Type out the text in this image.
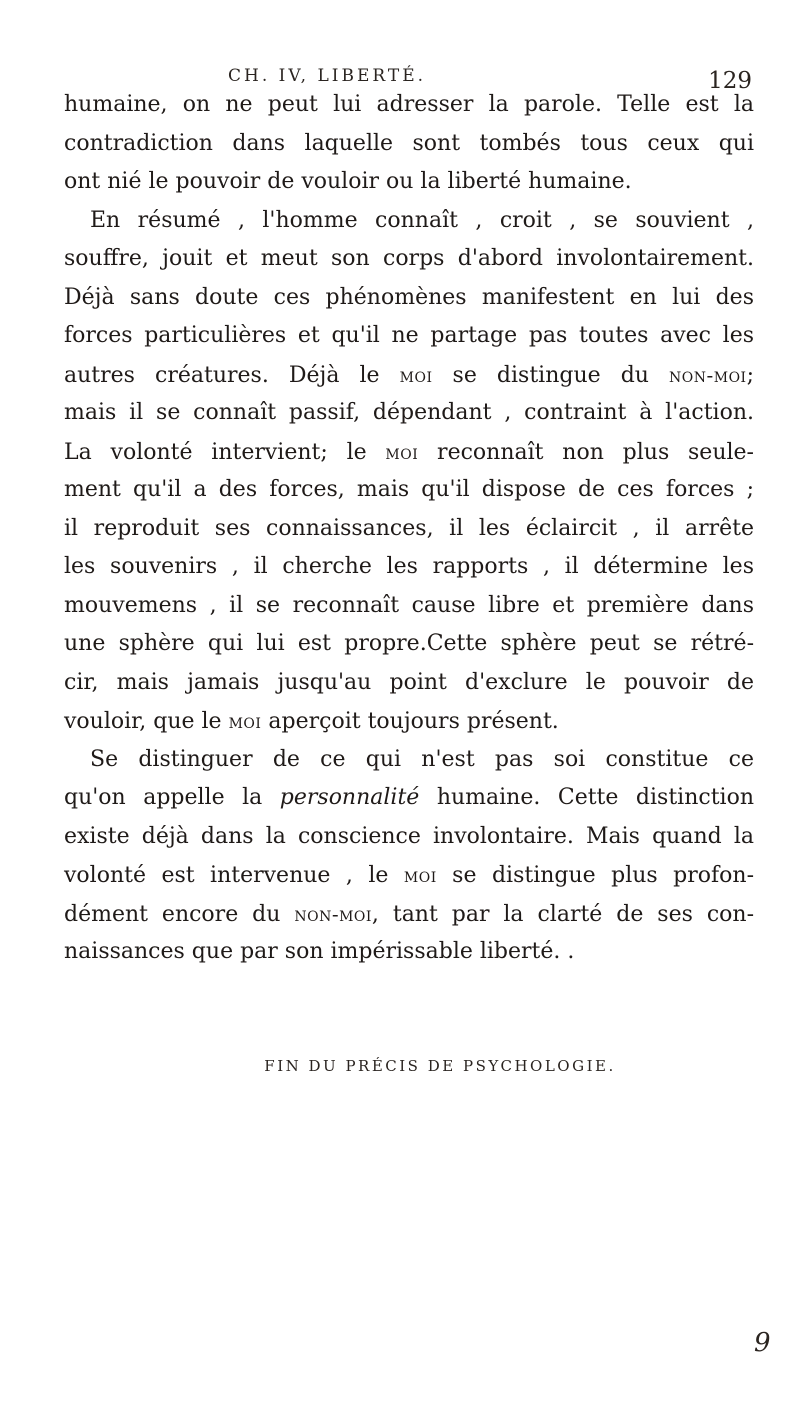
CH. IV, LIBERTÉ.	129
humaine, on ne peut lui adresser la parole. Telle est la
contradiction dans laquelle sont tombés tous ceux qui
ont nié le pouvoir de vouloir ou la liberté humaine.
En résumé , l'homme connaît , croit , se souvient ,
souffre, jouit et meut son corps d'abord involontairement.
Déjà sans doute ces phénomènes manifestent en lui des
forces particulières et qu'il ne partage pas toutes avec les
autres créatures. Déjà le moi se distingue du non-moi;
mais il se connaît passif, dépendant , contraint à l'action.
La volonté intervient; le moi reconnaît non plus seule-
ment qu'il a des forces, mais qu'il dispose de ces forces ;
il reproduit ses connaissances, il les éclaircit , il arrête
les souvenirs , il cherche les rapports , il détermine les
mouvemens , il se reconnaît cause libre et première dans
une sphère qui lui est propre.Cette sphère peut se rétré-
cir, mais jamais jusqu'au point d'exclure le pouvoir de
vouloir, que le moi aperçoit toujours présent.
Se distinguer de ce qui n'est pas soi constitue ce
qu'on appelle la personnalité humaine. Cette distinction
existe déjà dans la conscience involontaire. Mais quand la
volonté est intervenue , le moi se distingue plus profon-
dément encore du non-moi, tant par la clarté de ses con-
naissances que par son impérissable liberté. .
FIN DU PRÉCIS DE PSYCHOLOGIE.
9
